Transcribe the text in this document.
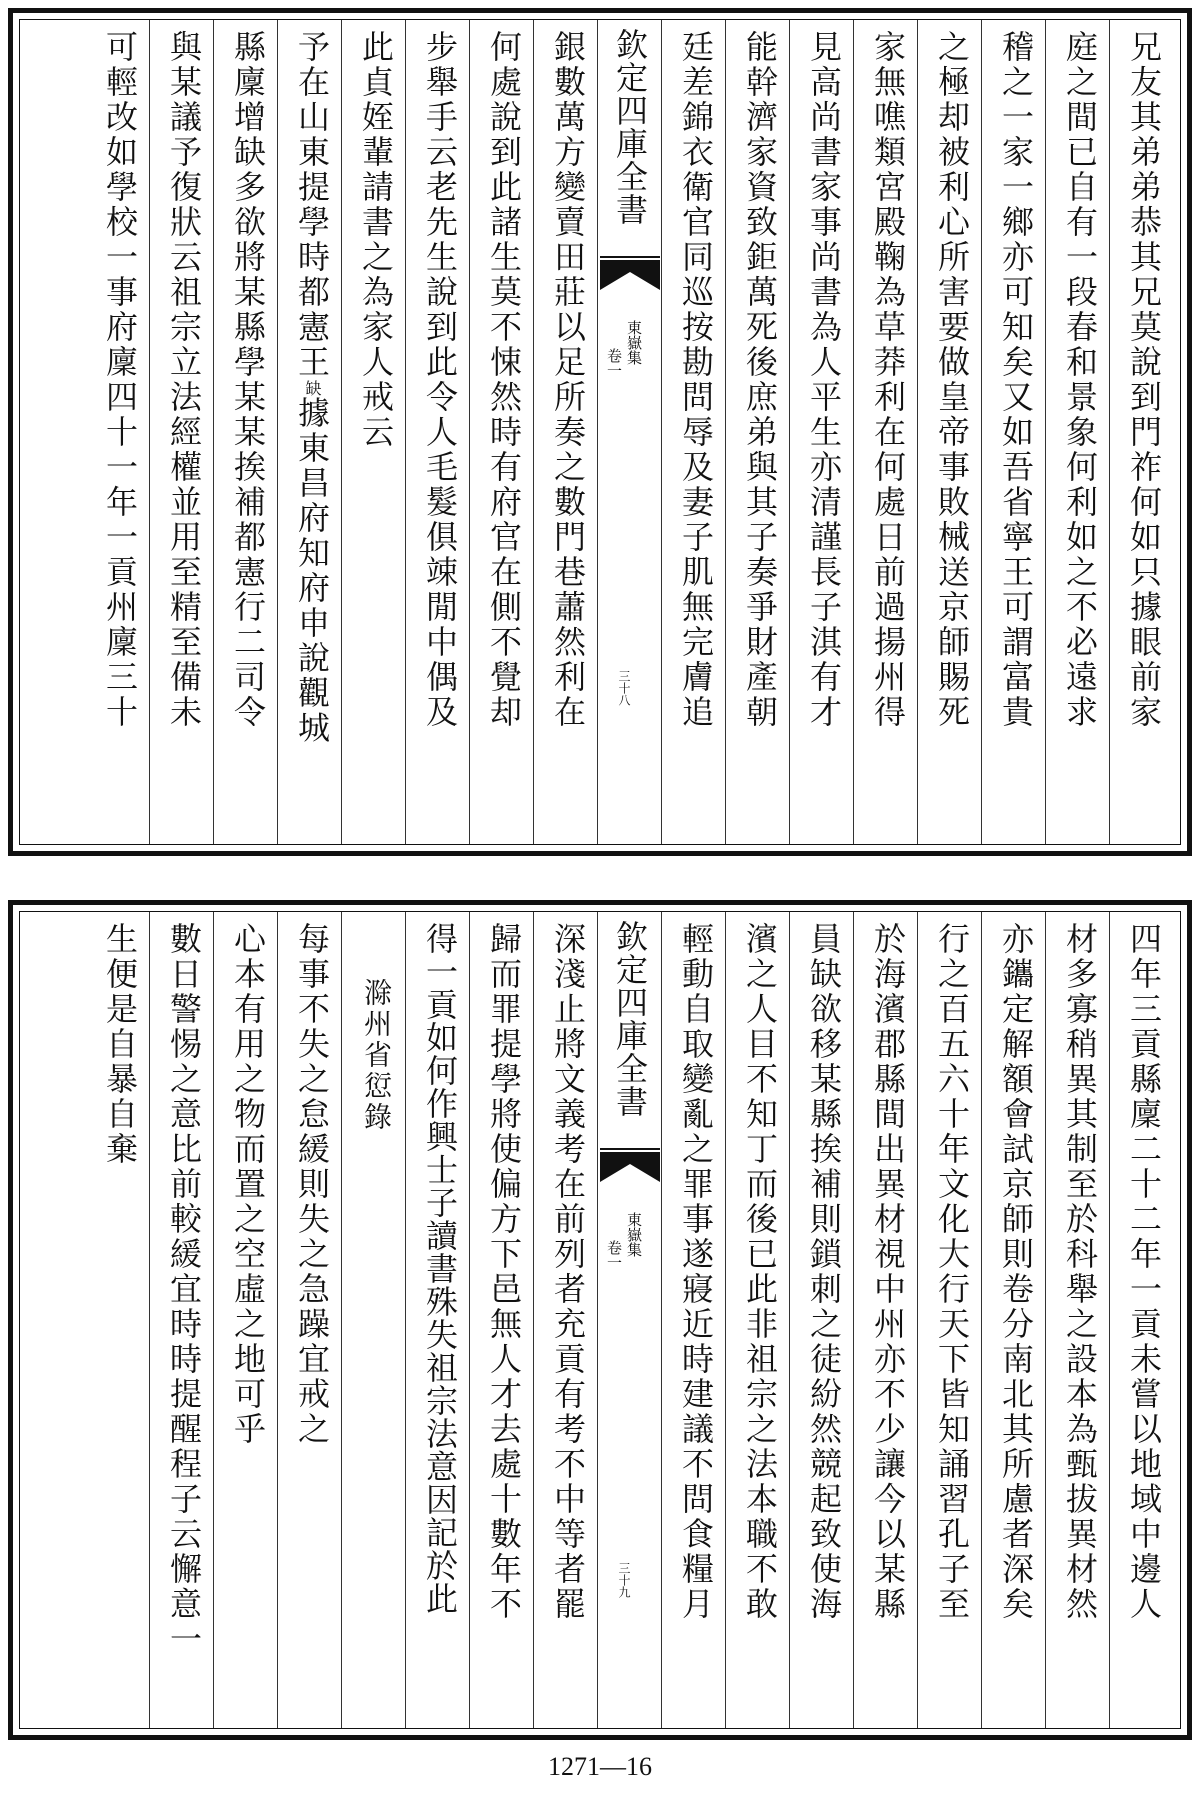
兄友其弟弟恭其兄莫說到門祚何如只據眼前家
庭之間已自有一段春和景象何利如之不必遠求
稽之一家一鄉亦可知矣又如吾省寧王可謂富貴
之極却被利心所害要做皇帝事敗械送京師賜死
家無噍類宮殿鞠為草莽利在何處日前過揚州得
見高尚書家事尚書為人平生亦清謹長子淇有才
能幹濟家資致鉅萬死後庶弟與其子奏爭財產朝
廷差錦衣衛官同巡按勘問辱及妻子肌無完膚追
欽定四庫全書
東嶽集
卷一
三十八
銀數萬方變賣田莊以足所奏之數門巷蕭然利在
何處說到此諸生莫不悚然時有府官在側不覺却
步舉手云老先生說到此令人毛髮俱竦閒中偶及
此貞姪輩請書之為家人戒云
予在山東提學時都憲王缺據東昌府知府申說觀城
縣廩增缺多欲將某縣學某某挨補都憲行二司令
與某議予復狀云祖宗立法經權並用至精至備未
可輕改如學校一事府廩四十一年一貢州廩三十
四年三貢縣廩二十二年一貢未嘗以地域中邊人
材多寡稍異其制至於科舉之設本為甄拔異材然
亦鑴定解額會試京師則卷分南北其所慮者深矣
行之百五六十年文化大行天下皆知誦習孔子至
於海濱郡縣間出異材視中州亦不少讓今以某縣
員缺欲移某縣挨補則鎖刺之徒紛然競起致使海
濱之人目不知丁而後已此非祖宗之法本職不敢
輕動自取變亂之罪事遂寢近時建議不問食糧月
欽定四庫全書
東嶽集
卷一
三十九
深淺止將文義考在前列者充貢有考不中等者罷
歸而罪提學將使偏方下邑無人才去處十數年不
得一貢如何作興士子讀書殊失祖宗法意因記於此
滁州省愆錄
每事不失之怠緩則失之急躁宜戒之
心本有用之物而置之空虛之地可乎
數日警惕之意比前較緩宜時時提醒程子云懈意一
生便是自暴自棄
1271—16
